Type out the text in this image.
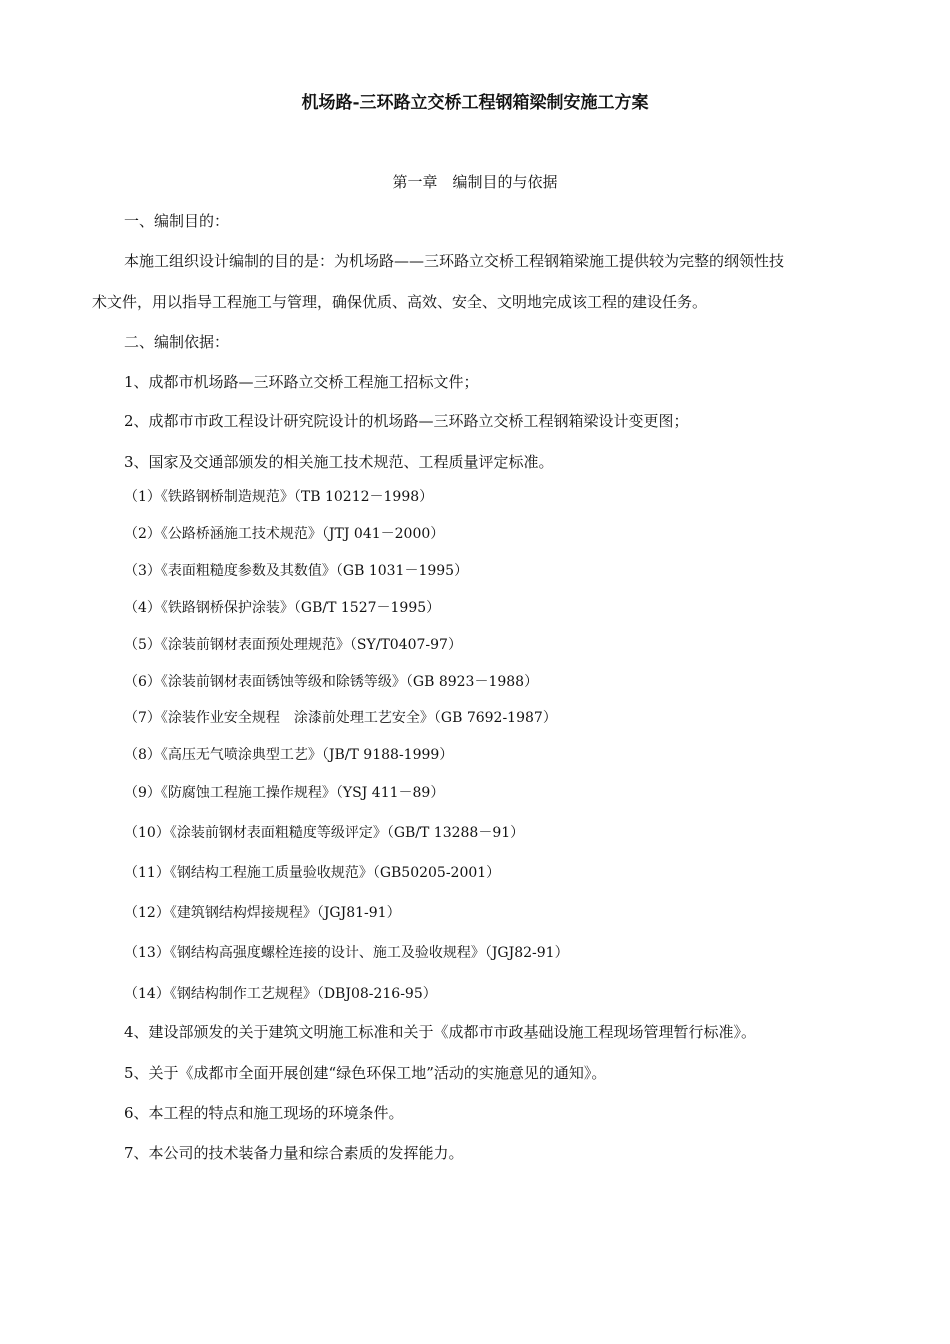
机场路-三环路立交桥工程钢箱梁制安施工方案
第一章　编制目的与依据
一、编制目的：
本施工组织设计编制的目的是：为机场路——三环路立交桥工程钢箱梁施工提供较为完整的纲领性技
术文件，用以指导工程施工与管理，确保优质、高效、安全、文明地完成该工程的建设任务。
二、编制依据：
1、成都市机场路—三环路立交桥工程施工招标文件；
2、成都市市政工程设计研究院设计的机场路—三环路立交桥工程钢箱梁设计变更图；
3、国家及交通部颁发的相关施工技术规范、工程质量评定标准。
（1）《铁路钢桥制造规范》（TB 10212－1998）
（2）《公路桥涵施工技术规范》（JTJ 041－2000）
（3）《表面粗糙度参数及其数值》（GB 1031－1995）
（4）《铁路钢桥保护涂装》（GB/T 1527－1995）
（5）《涂装前钢材表面预处理规范》（SY/T0407-97）
（6）《涂装前钢材表面锈蚀等级和除锈等级》（GB 8923－1988）
（7）《涂装作业安全规程　涂漆前处理工艺安全》（GB 7692-1987）
（8）《高压无气喷涂典型工艺》（JB/T 9188-1999）
（9）《防腐蚀工程施工操作规程》（YSJ 411－89）
（10）《涂装前钢材表面粗糙度等级评定》（GB/T 13288－91）
（11）《钢结构工程施工质量验收规范》（GB50205-2001）
（12）《建筑钢结构焊接规程》（JGJ81-91）
（13）《钢结构高强度螺栓连接的设计、施工及验收规程》（JGJ82-91）
（14）《钢结构制作工艺规程》（DBJ08-216-95）
4、建设部颁发的关于建筑文明施工标准和关于《成都市市政基础设施工程现场管理暂行标准》。
5、关于《成都市全面开展创建“绿色环保工地”活动的实施意见的通知》。
6、本工程的特点和施工现场的环境条件。
7、本公司的技术装备力量和综合素质的发挥能力。
